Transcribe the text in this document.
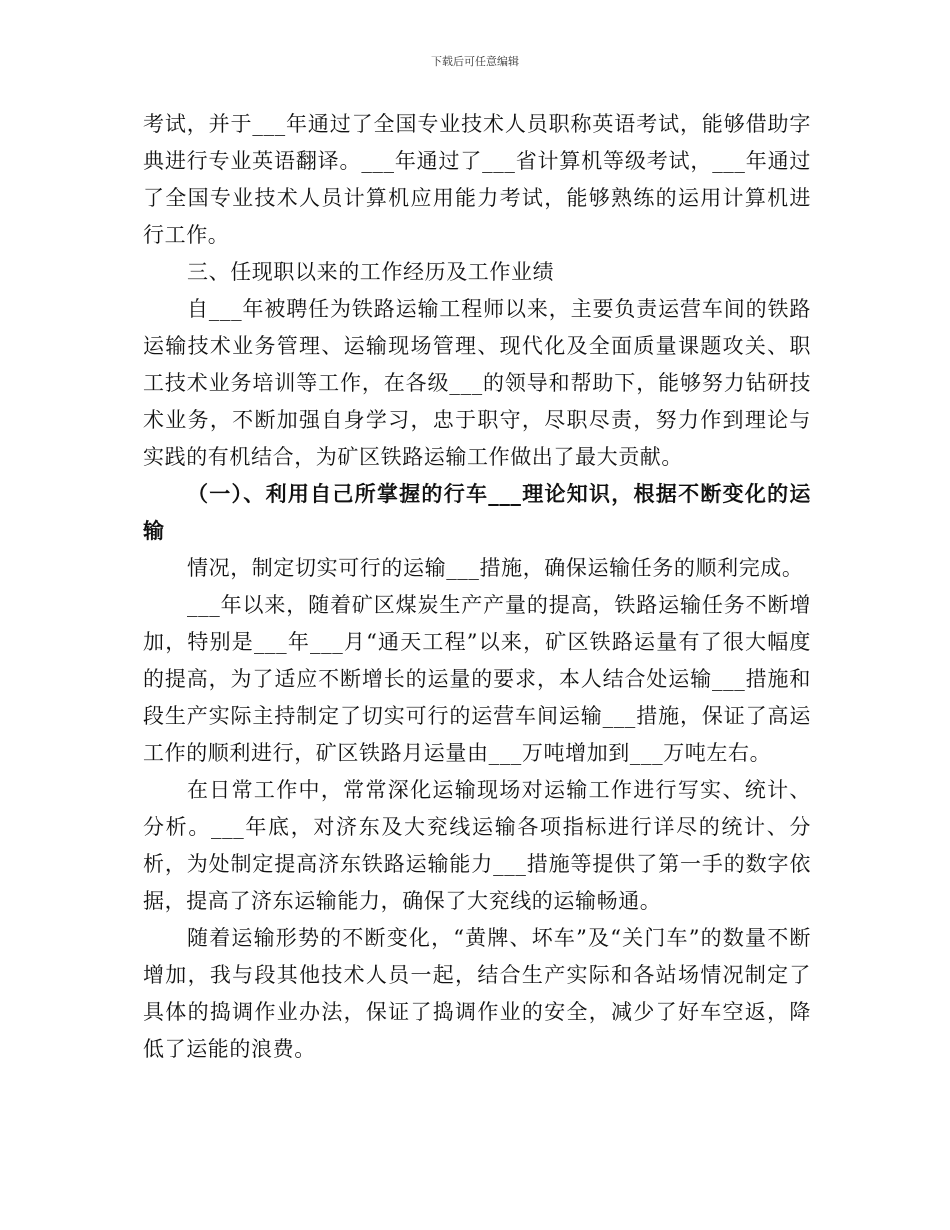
下载后可任意编辑

考试，并于___年通过了全国专业技术人员职称英语考试，能够借助字典进行专业英语翻译。___年通过了___省计算机等级考试，___年通过了全国专业技术人员计算机应用能力考试，能够熟练的运用计算机进行工作。

三、任现职以来的工作经历及工作业绩

自___年被聘任为铁路运输工程师以来，主要负责运营车间的铁路运输技术业务管理、运输现场管理、现代化及全面质量课题攻关、职工技术业务培训等工作，在各级___的领导和帮助下，能够努力钻研技术业务，不断加强自身学习，忠于职守，尽职尽责，努力作到理论与实践的有机结合，为矿区铁路运输工作做出了最大贡献。

（一）、利用自己所掌握的行车___理论知识，根据不断变化的运输

情况，制定切实可行的运输___措施，确保运输任务的顺利完成。

___年以来，随着矿区煤炭生产产量的提高，铁路运输任务不断增加，特别是___年___月“通天工程”以来，矿区铁路运量有了很大幅度的提高，为了适应不断增长的运量的要求，本人结合处运输___措施和段生产实际主持制定了切实可行的运营车间运输___措施，保证了高运工作的顺利进行，矿区铁路月运量由___万吨增加到___万吨左右。

在日常工作中，常常深化运输现场对运输工作进行写实、统计、分析。___年底，对济东及大兖线运输各项指标进行详尽的统计、分析，为处制定提高济东铁路运输能力___措施等提供了第一手的数字依据，提高了济东运输能力，确保了大兖线的运输畅通。

随着运输形势的不断变化，“黄牌、坏车”及“关门车”的数量不断增加，我与段其他技术人员一起，结合生产实际和各站场情况制定了具体的捣调作业办法，保证了捣调作业的安全，减少了好车空返，降低了运能的浪费。
